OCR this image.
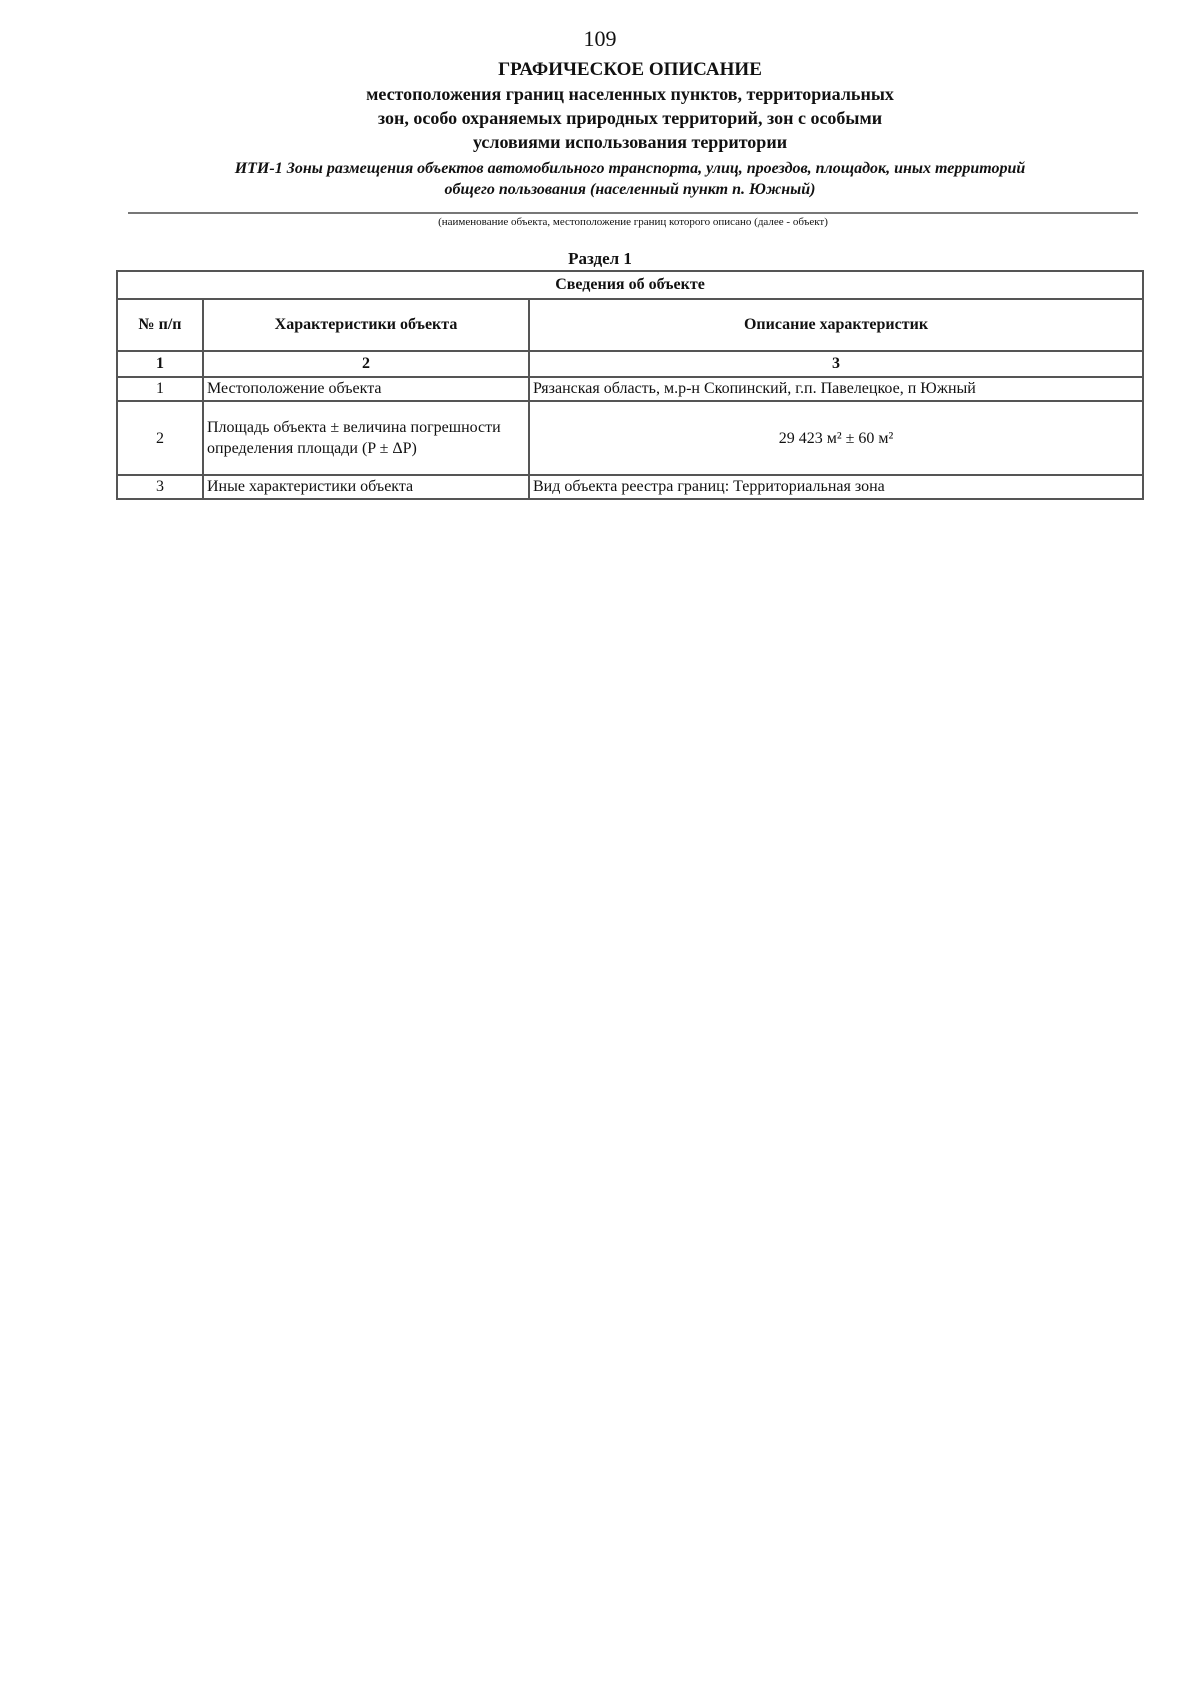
109
ГРАФИЧЕСКОЕ ОПИСАНИЕ
местоположения границ населенных пунктов, территориальных
зон, особо охраняемых природных территорий, зон с особыми
условиями использования территории
ИТИ-1 Зоны размещения объектов автомобильного транспорта, улиц, проездов, площадок, иных территорий
общего пользования (населенный пункт п. Южный)
(наименование объекта, местоположение границ которого описано (далее - объект)
Раздел 1
Сведения об объекте		
№ п/п	Характеристики объекта	Описание характеристик
1	2	3
1	Местоположение объекта	Рязанская область, м.р-н Скопинский, г.п. Павелецкое, п Южный
2	Площадь объекта ± величина погрешности определения площади (P ± ΔP)	29 423 м² ± 60 м²
3	Иные характеристики объекта	Вид объекта реестра границ: Территориальная зона
